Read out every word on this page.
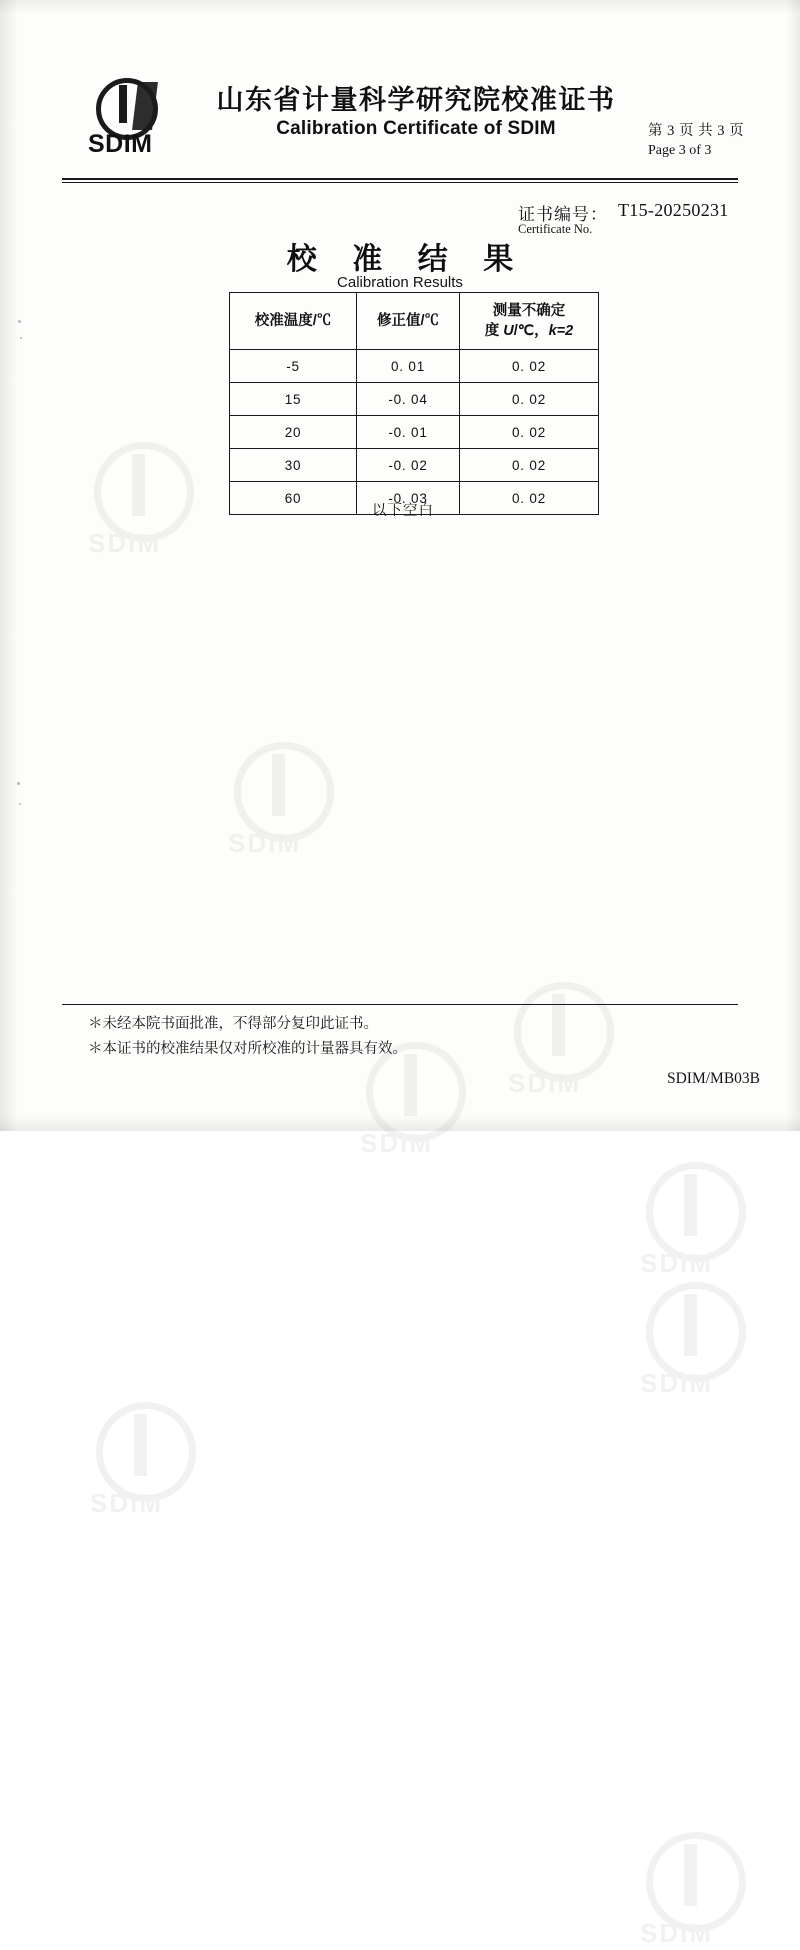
SDIM
SDIM
SDIM
SDIM
SDIM
SDIM
SDIM
SDIM
SDIM
山东省计量科学研究院校准证书
Calibration Certificate of SDIM	第 3 页 共 3 页
Page 3 of 3
证书编号：
Certificate No.
T15-20250231
校 准 结 果
Calibration Results
校准温度/℃	修正值/℃	测量不确定
度 U/℃，k=2

-5	0. 01	0. 02
15	-0. 04	0. 02
20	-0. 01	0. 02
30	-0. 02	0. 02
60	-0. 03	0. 02
以下空白
＊未经本院书面批准，不得部分复印此证书。
＊本证书的校准结果仅对所校准的计量器具有效。
SDIM/MB03B
